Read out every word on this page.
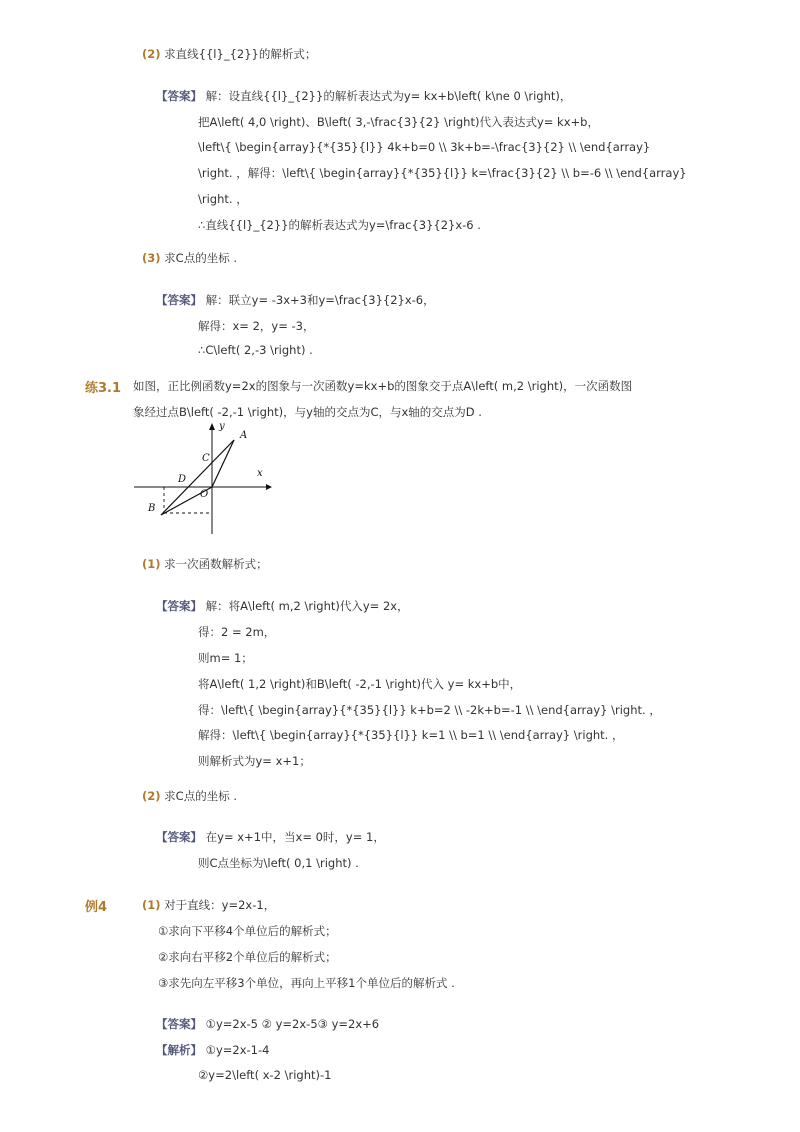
(2) 求直线{{l}_{2}}的解析式；
【答案】 解：设直线{{l}_{2}}的解析表达式为y= kx+b\left( k\ne 0 \right)，
把A\left( 4,0 \right)、B\left( 3,-\frac{3}{2} \right)代入表达式y= kx+b，
\left\{ \begin{array}{*{35}{l}} 4k+b=0 \\ 3k+b=-\frac{3}{2} \\ \end{array}
\right. ，解得：\left\{ \begin{array}{*{35}{l}} k=\frac{3}{2} \\ b=-6 \\ \end{array}
\right. ，
∴直线{{l}_{2}}的解析表达式为y=\frac{3}{2}x-6 .
(3) 求C点的坐标 .
【答案】 解：联立y= -3x+3和y=\frac{3}{2}x-6，
解得：x= 2，y= -3，
∴C\left( 2,-3 \right) .
练3.1 如图，正比例函数y=2x的图象与一次函数y=kx+b的图象交于点A\left( m,2 \right)，一次函数图
象经过点B\left( -2,-1 \right)，与y轴的交点为C，与x轴的交点为D .
y
x
A
C
D
O
B
(1) 求一次函数解析式；
【答案】 解：将A\left( m,2 \right)代入y= 2x，
得：2 = 2m，
则m= 1；
将A\left( 1,2 \right)和B\left( -2,-1 \right)代入 y= kx+b中，
得：\left\{ \begin{array}{*{35}{l}} k+b=2 \\ -2k+b=-1 \\ \end{array} \right. ，
解得：\left\{ \begin{array}{*{35}{l}} k=1 \\ b=1 \\ \end{array} \right. ，
则解析式为y= x+1；
(2) 求C点的坐标 .
【答案】 在y= x+1中，当x= 0时，y= 1，
则C点坐标为\left( 0,1 \right) .
例4	(1) 对于直线：y=2x-1，
①求向下平移4个单位后的解析式；
②求向右平移2个单位后的解析式；
③求先向左平移3个单位，再向上平移1个单位后的解析式 .
【答案】 ①y=2x-5 ② y=2x-5③ y=2x+6
【解析】 ①y=2x-1-4
②y=2\left( x-2 \right)-1
